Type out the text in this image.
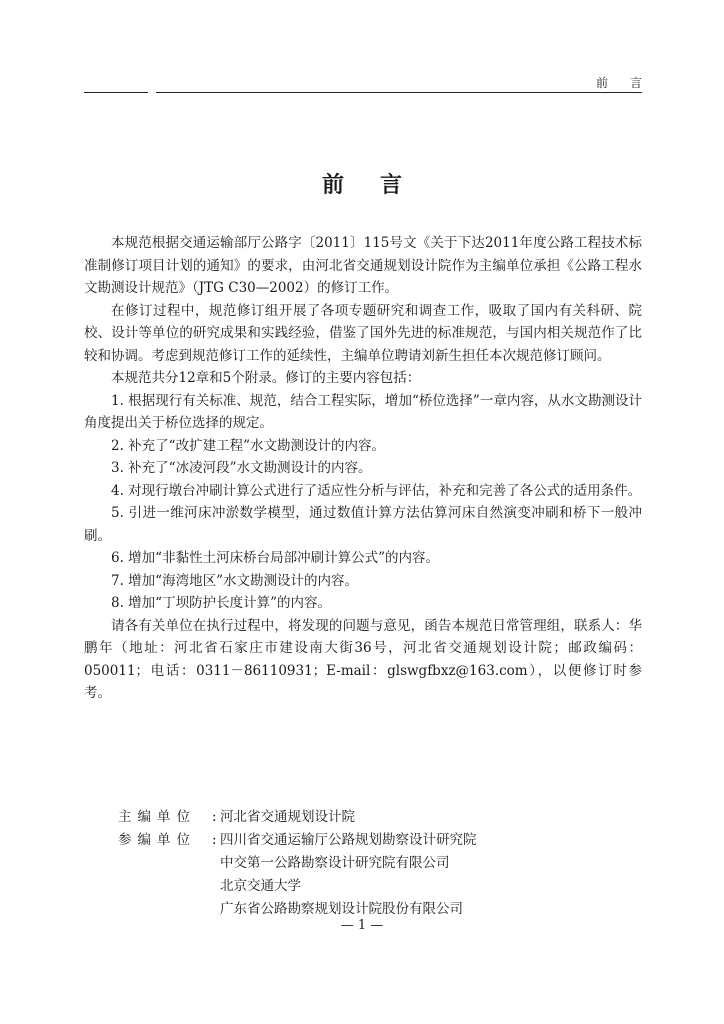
前言
前言

本规范根据交通运输部厅公路字〔2011〕115号文《关于下达2011年度公路工程技术标准制修订项目计划的通知》的要求，由河北省交通规划设计院作为主编单位承担《公路工程水文勘测设计规范》（JTG C30—2002）的修订工作。

在修订过程中，规范修订组开展了各项专题研究和调查工作，吸取了国内有关科研、院校、设计等单位的研究成果和实践经验，借鉴了国外先进的标准规范，与国内相关规范作了比较和协调。考虑到规范修订工作的延续性，主编单位聘请刘新生担任本次规范修订顾问。

本规范共分12章和5个附录。修订的主要内容包括：

1. 根据现行有关标准、规范，结合工程实际，增加“桥位选择”一章内容，从水文勘测设计角度提出关于桥位选择的规定。

2. 补充了“改扩建工程”水文勘测设计的内容。

3. 补充了“冰凌河段”水文勘测设计的内容。

4. 对现行墩台冲刷计算公式进行了适应性分析与评估，补充和完善了各公式的适用条件。

5. 引进一维河床冲淤数学模型，通过数值计算方法估算河床自然演变冲刷和桥下一般冲刷。

6. 增加“非黏性土河床桥台局部冲刷计算公式”的内容。

7. 增加“海湾地区”水文勘测设计的内容。

8. 增加“丁坝防护长度计算”的内容。

请各有关单位在执行过程中，将发现的问题与意见，函告本规范日常管理组，联系人：华鹏年（地址：河北省石家庄市建设南大街36号，河北省交通规划设计院；邮政编码：050011；电话：0311－86110931；E-mail：glswgfbxz@163.com），以便修订时参考。

主编单位	: 河北省交通规划设计院
参编单位	: 四川省交通运输厅公路规划勘察设计研究院
中交第一公路勘察设计研究院有限公司
北京交通大学
广东省公路勘察规划设计院股份有限公司
— 1 —
